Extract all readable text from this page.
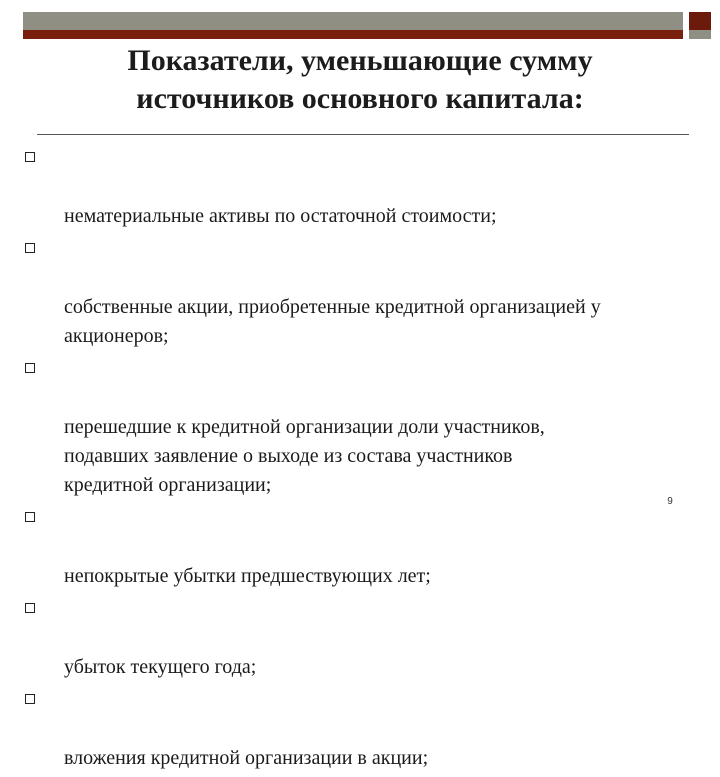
Показатели, уменьшающие сумму
источников основного капитала:

нематериальные активы по остаточной стоимости;

собственные акции, приобретенные кредитной организацией у
акционеров;

перешедшие к кредитной организации доли участников,
подавших заявление о выходе из состава участников
кредитной организации;

непокрытые убытки предшествующих лет;

убыток текущего года;

вложения кредитной организации в акции;

9
